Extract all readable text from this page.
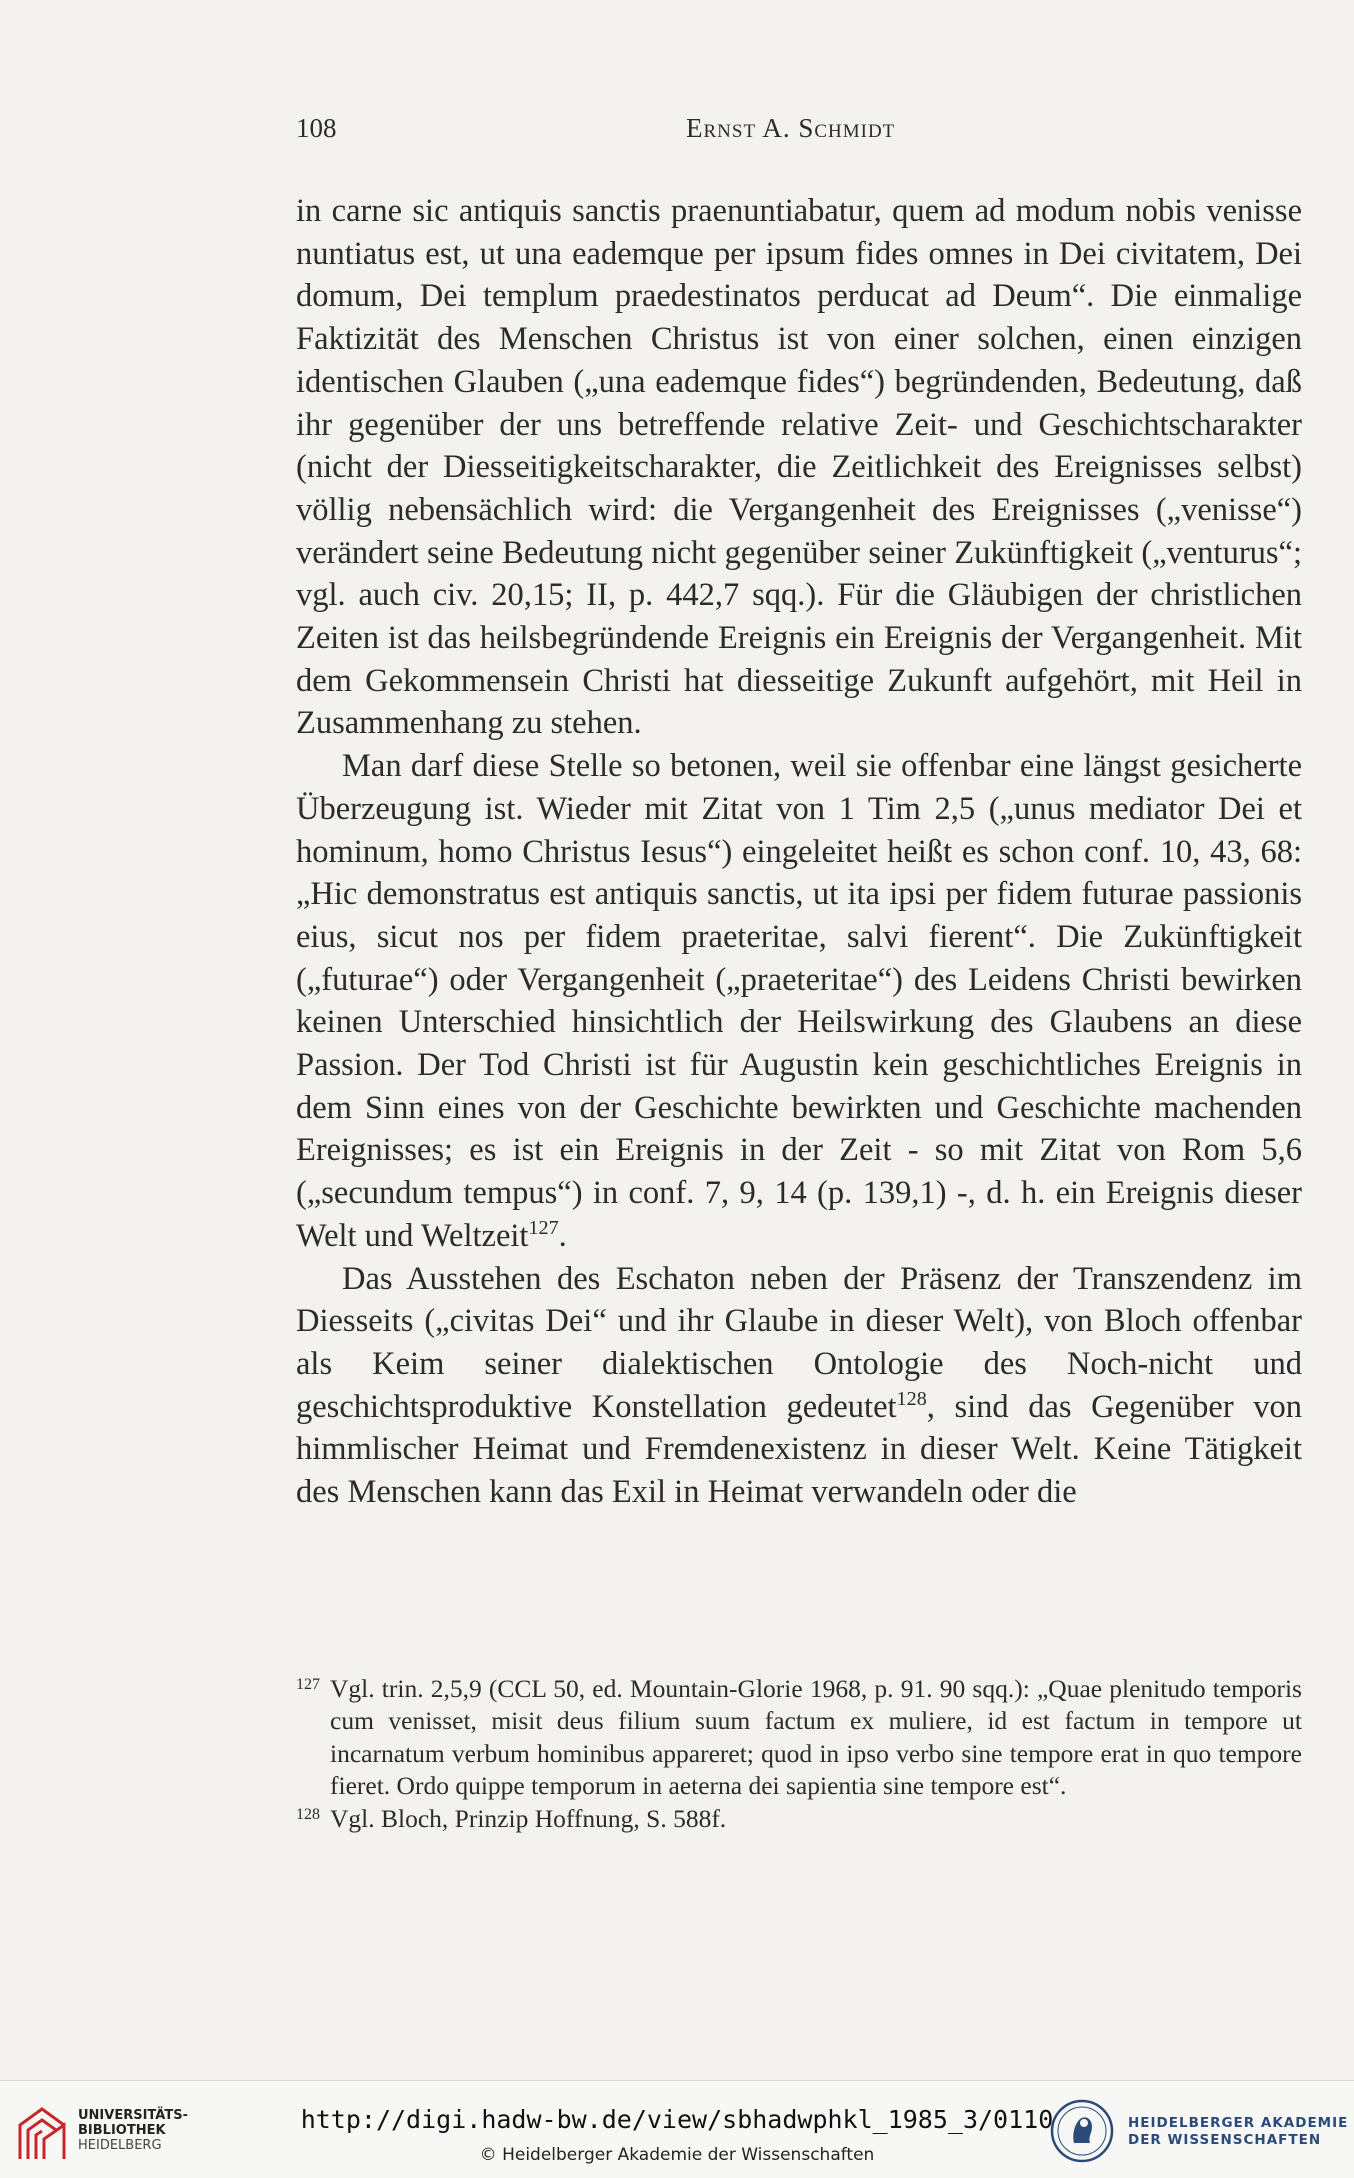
108	Ernst A. Schmidt

in carne sic antiquis sanctis praenuntiabatur, quem ad modum nobis venisse nuntiatus est, ut una eademque per ipsum fides omnes in Dei civitatem, Dei domum, Dei templum praedestinatos perducat ad Deum“. Die einmalige Faktizität des Menschen Christus ist von einer solchen, einen einzigen identischen Glauben („una eademque fides“) begründenden, Bedeutung, daß ihr gegenüber der uns betreffende relative Zeit- und Geschichtscharakter (nicht der Diesseitigkeitscharakter, die Zeitlichkeit des Ereignisses selbst) völlig nebensächlich wird: die Vergangenheit des Ereignisses („venisse“) verändert seine Bedeutung nicht gegenüber seiner Zukünftigkeit („venturus“; vgl. auch civ. 20,15; II, p. 442,7 sqq.). Für die Gläubigen der christlichen Zeiten ist das heilsbegründende Ereignis ein Ereignis der Vergangenheit. Mit dem Gekommensein Christi hat diesseitige Zukunft aufgehört, mit Heil in Zusammenhang zu stehen.

Man darf diese Stelle so betonen, weil sie offenbar eine längst gesicherte Überzeugung ist. Wieder mit Zitat von 1 Tim 2,5 („unus mediator Dei et hominum, homo Christus Iesus“) eingeleitet heißt es schon conf. 10, 43, 68: „Hic demonstratus est antiquis sanctis, ut ita ipsi per fidem futurae passionis eius, sicut nos per fidem praeteritae, salvi fierent“. Die Zukünftigkeit („futurae“) oder Vergangenheit („praeteritae“) des Leidens Christi bewirken keinen Unterschied hinsichtlich der Heilswirkung des Glaubens an diese Passion. Der Tod Christi ist für Augustin kein geschichtliches Ereignis in dem Sinn eines von der Geschichte bewirkten und Geschichte machenden Ereignisses; es ist ein Ereignis in der Zeit - so mit Zitat von Rom 5,6 („secundum tempus“) in conf. 7, 9, 14 (p. 139,1) -, d. h. ein Ereignis dieser Welt und Weltzeit$^{127}$.

Das Ausstehen des Eschaton neben der Präsenz der Transzendenz im Diesseits („civitas Dei“ und ihr Glaube in dieser Welt), von Bloch offenbar als Keim seiner dialektischen Ontologie des Noch-nicht und geschichtsproduktive Konstellation gedeutet$^{128}$, sind das Gegenüber von himmlischer Heimat und Fremdenexistenz in dieser Welt. Keine Tätigkeit des Menschen kann das Exil in Heimat verwandeln oder die

127 Vgl. trin. 2,5,9 (CCL 50, ed. Mountain-Glorie 1968, p. 91. 90 sqq.): „Quae plenitudo temporis cum venisset, misit deus filium suum factum ex muliere, id est factum in tempore ut incarnatum verbum hominibus appareret; quod in ipso verbo sine tempore erat in quo tempore fieret. Ordo quippe temporum in aeterna dei sapientia sine tempore est“.
128 Vgl. Bloch, Prinzip Hoffnung, S. 588f.
UNIVERSITÄTS-
BIBLIOTHEK
HEIDELBERG
http://digi.hadw-bw.de/view/sbhadwphkl_1985_3/0110
© Heidelberger Akademie der Wissenschaften
HEIDELBERGER AKADEMIE
DER WISSENSCHAFTEN
